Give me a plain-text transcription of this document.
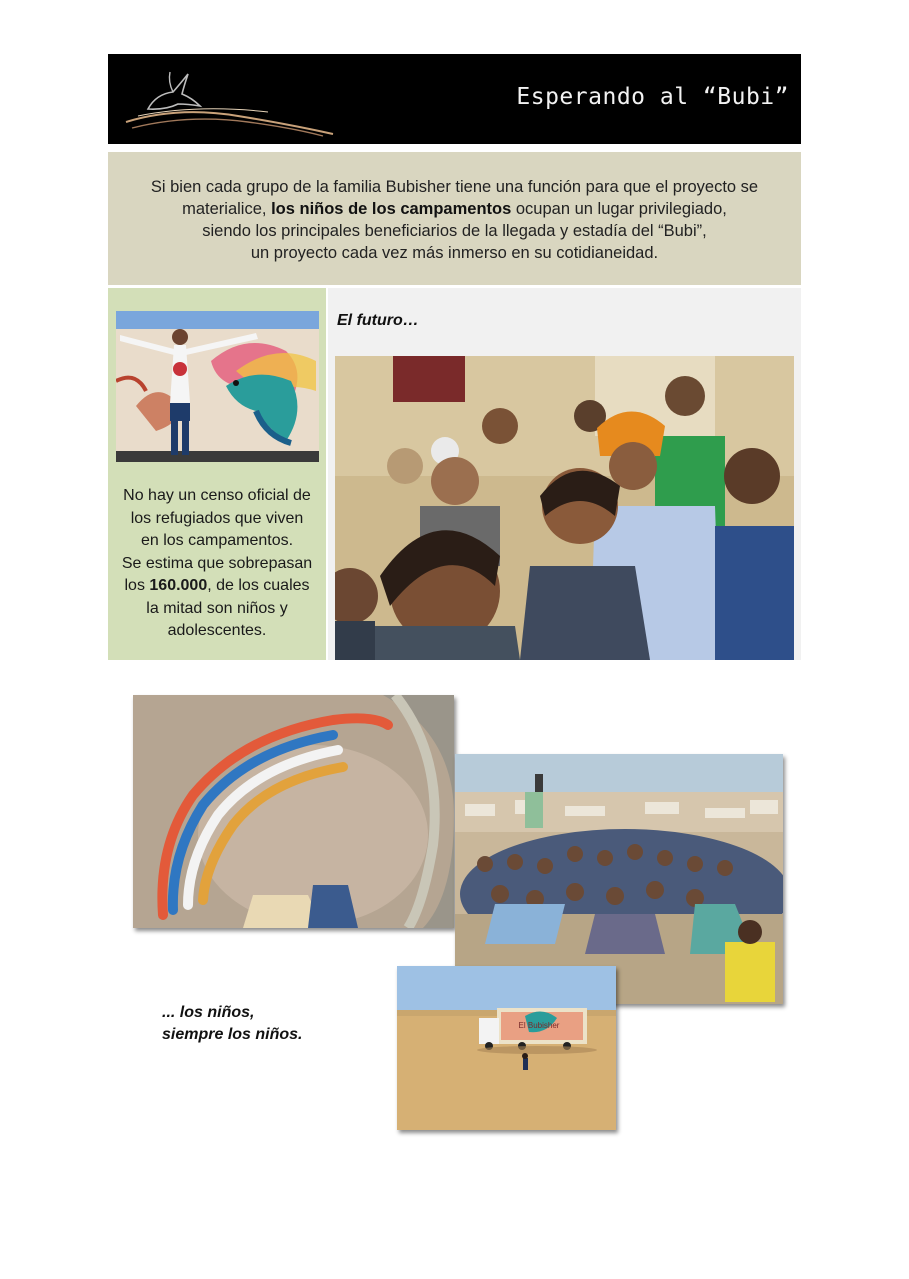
Esperando al “Bubi”
Si bien cada grupo de la familia Bubisher tiene una función para que el proyecto se
materialice, los niños de los campamentos ocupan un lugar privilegiado,
siendo los principales beneficiarios de la llegada y estadía del “Bubi”,
un proyecto cada vez más inmerso en su cotidianeidad.
No hay un censo oficial de
los refugiados que viven
en los campamentos.
Se estima que sobrepasan
los 160.000, de los cuales
la mitad son niños y
adolescentes.
El futuro…
El Bubisher
... los niños,
siempre los niños.
